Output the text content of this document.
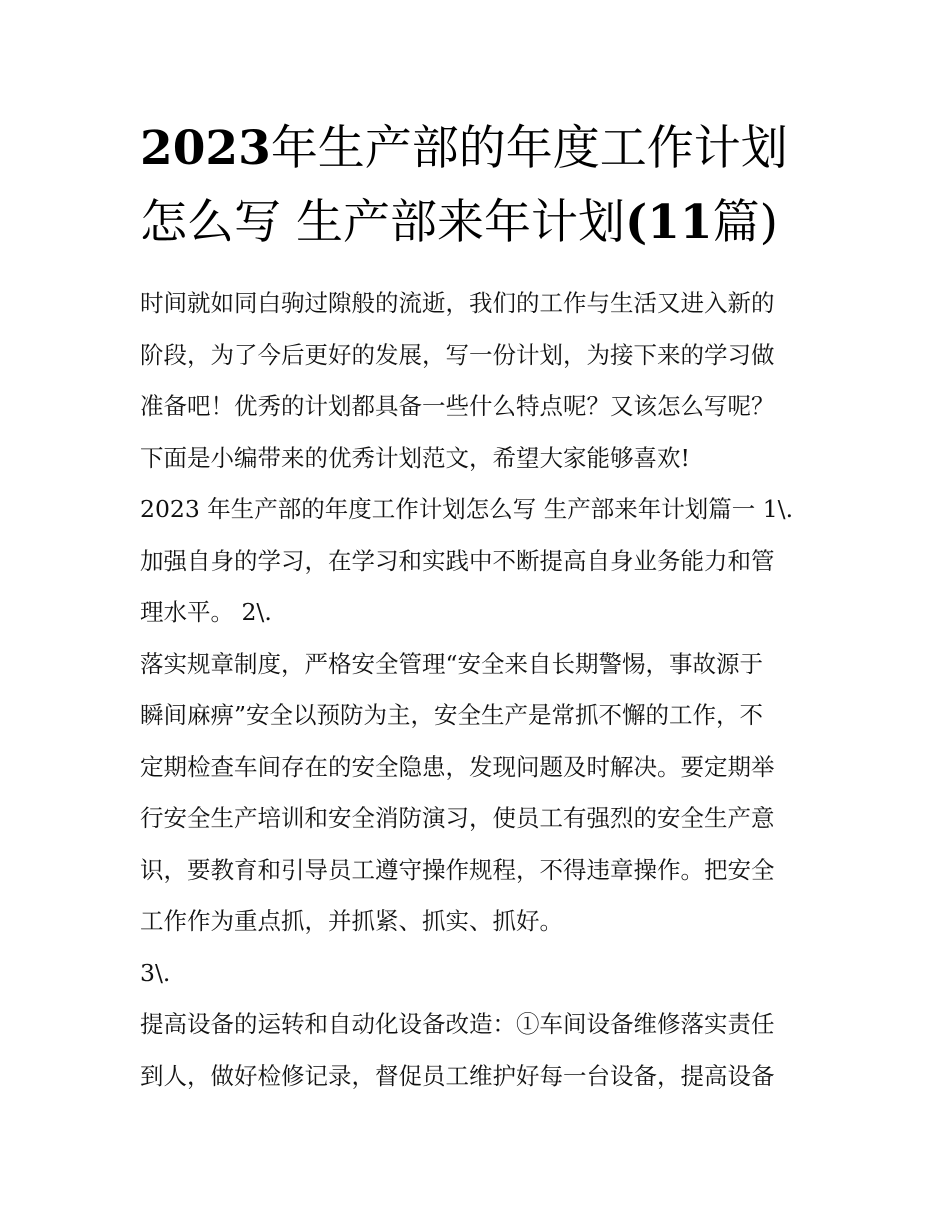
2023年生产部的年度工作计划
怎么写 生产部来年计划(11篇)
时间就如同白驹过隙般的流逝，我们的工作与生活又进入新的
阶段，为了今后更好的发展，写一份计划，为接下来的学习做
准备吧！优秀的计划都具备一些什么特点呢？又该怎么写呢？
下面是小编带来的优秀计划范文，希望大家能够喜欢!
2023 年生产部的年度工作计划怎么写 生产部来年计划篇一 1\.
加强自身的学习，在学习和实践中不断提高自身业务能力和管
理水平。 2\.
落实规章制度，严格安全管理“安全来自长期警惕，事故源于
瞬间麻痹”安全以预防为主，安全生产是常抓不懈的工作，不
定期检查车间存在的安全隐患，发现问题及时解决。要定期举
行安全生产培训和安全消防演习，使员工有强烈的安全生产意
识，要教育和引导员工遵守操作规程，不得违章操作。把安全
工作作为重点抓，并抓紧、抓实、抓好。
3\.
提高设备的运转和自动化设备改造：①车间设备维修落实责任
到人，做好检修记录，督促员工维护好每一台设备，提高设备
